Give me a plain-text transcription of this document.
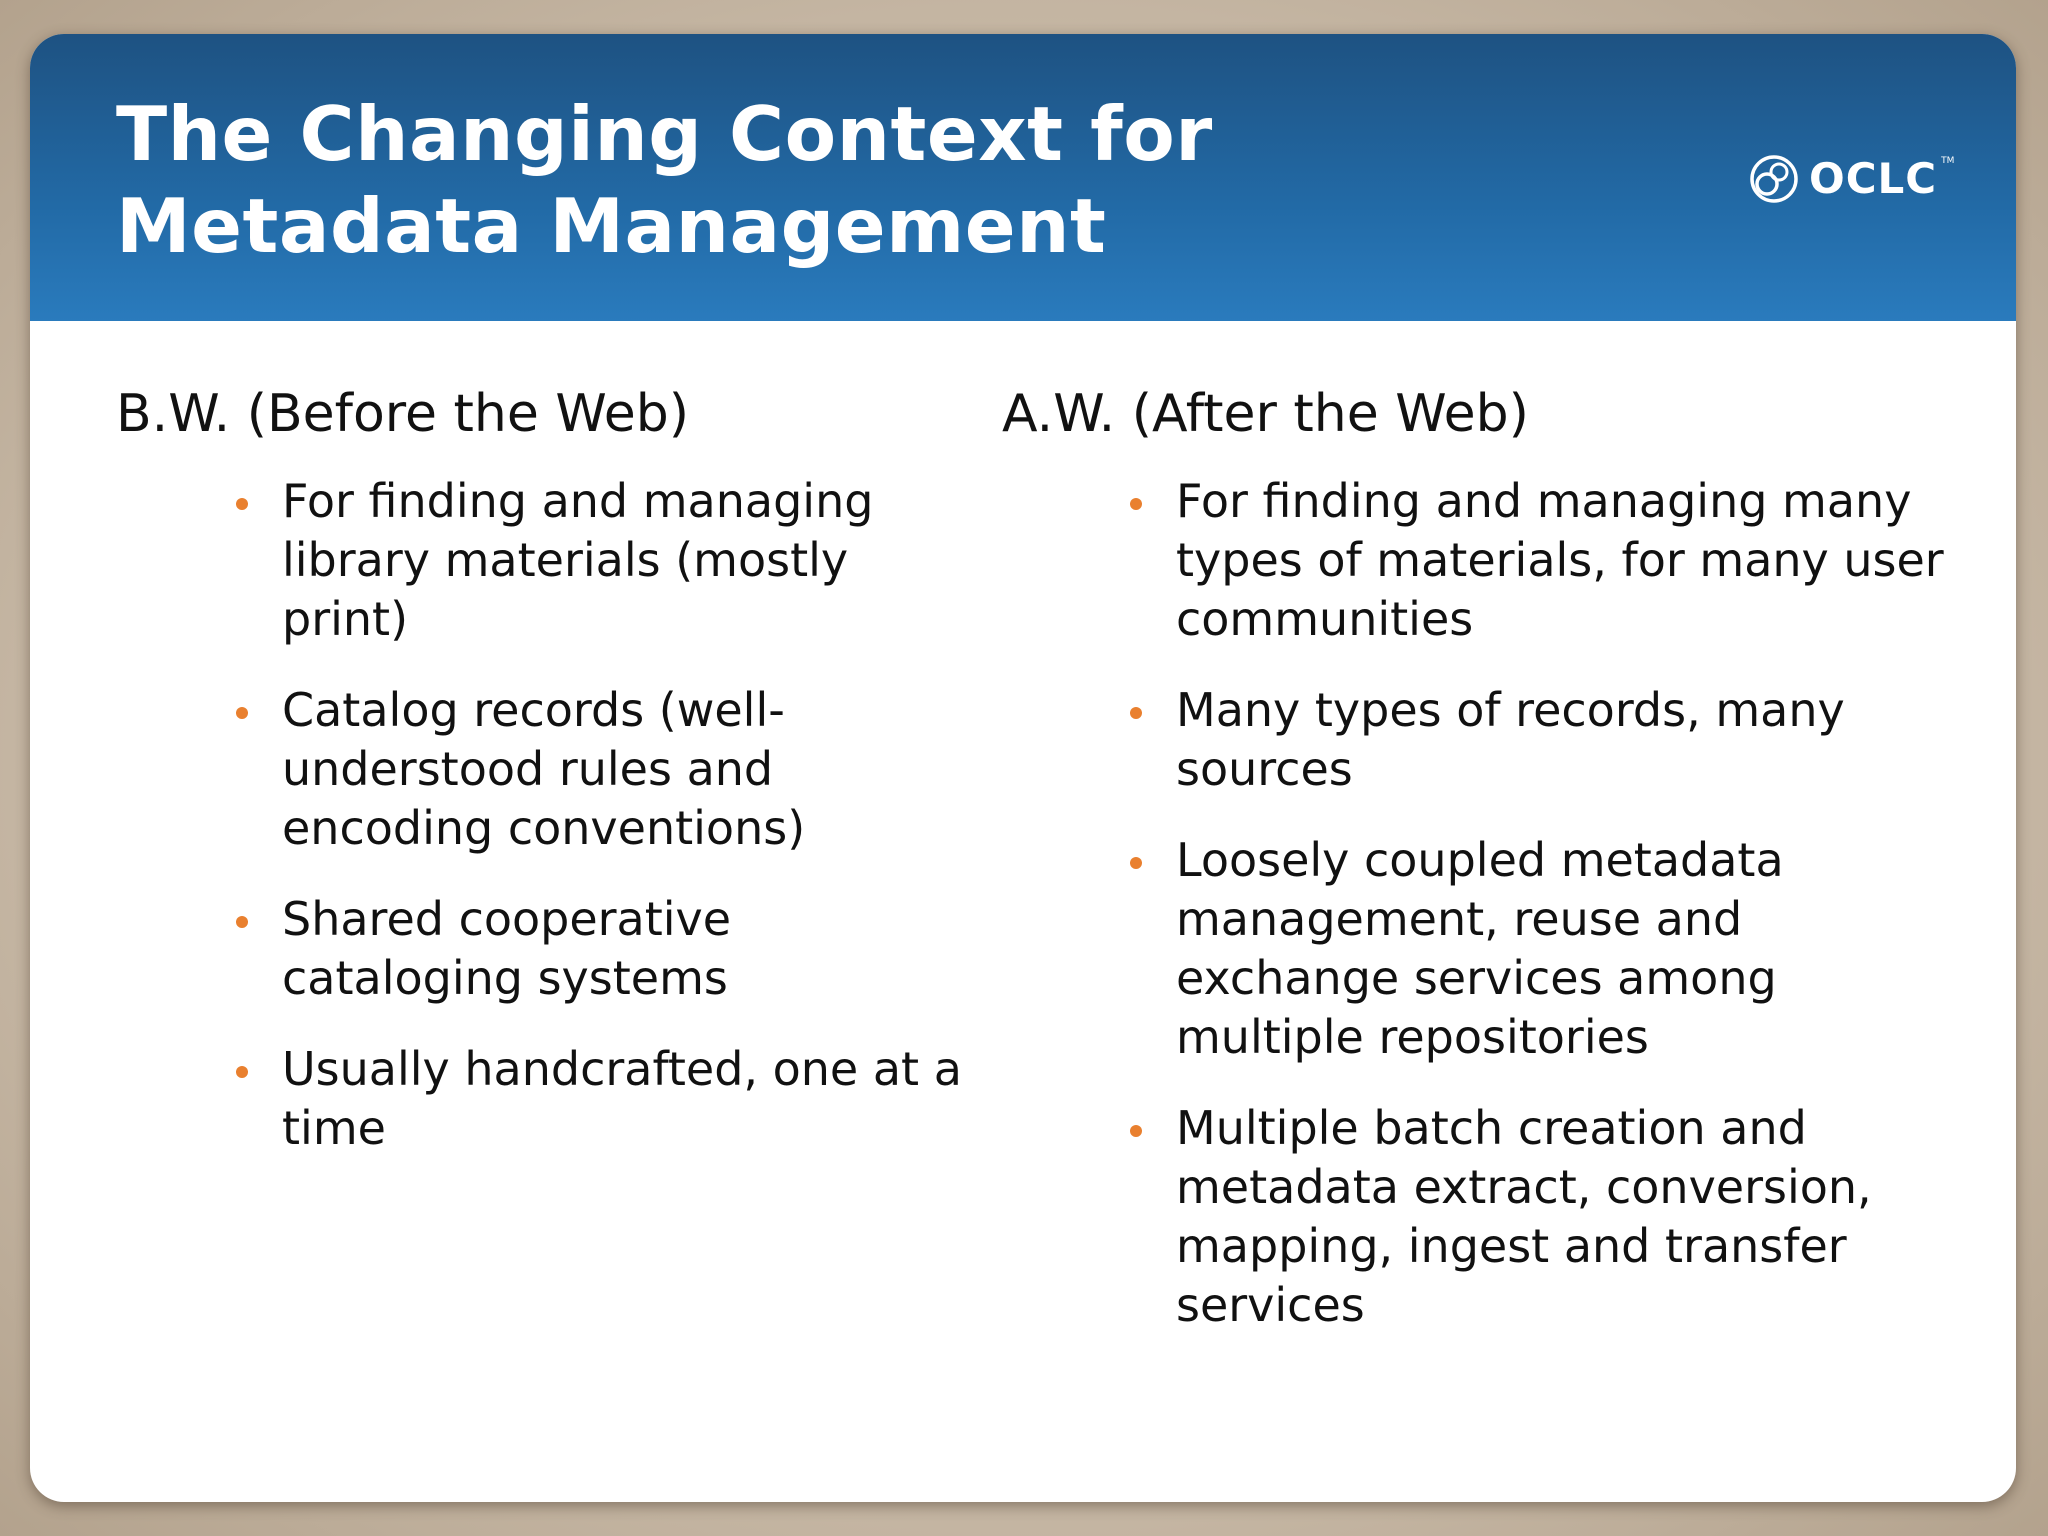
The Changing Context for Metadata Management
OCLC TM
B.W. (Before the Web)
For finding and managing library materials (mostly print)
Catalog records (well-understood rules and encoding conventions)
Shared cooperative cataloging systems
Usually handcrafted, one at a time
A.W. (After the Web)
For finding and managing many types of materials, for many user communities
Many types of records, many sources
Loosely coupled metadata management, reuse and exchange services among multiple repositories
Multiple batch creation and metadata extract, conversion, mapping, ingest and transfer services
